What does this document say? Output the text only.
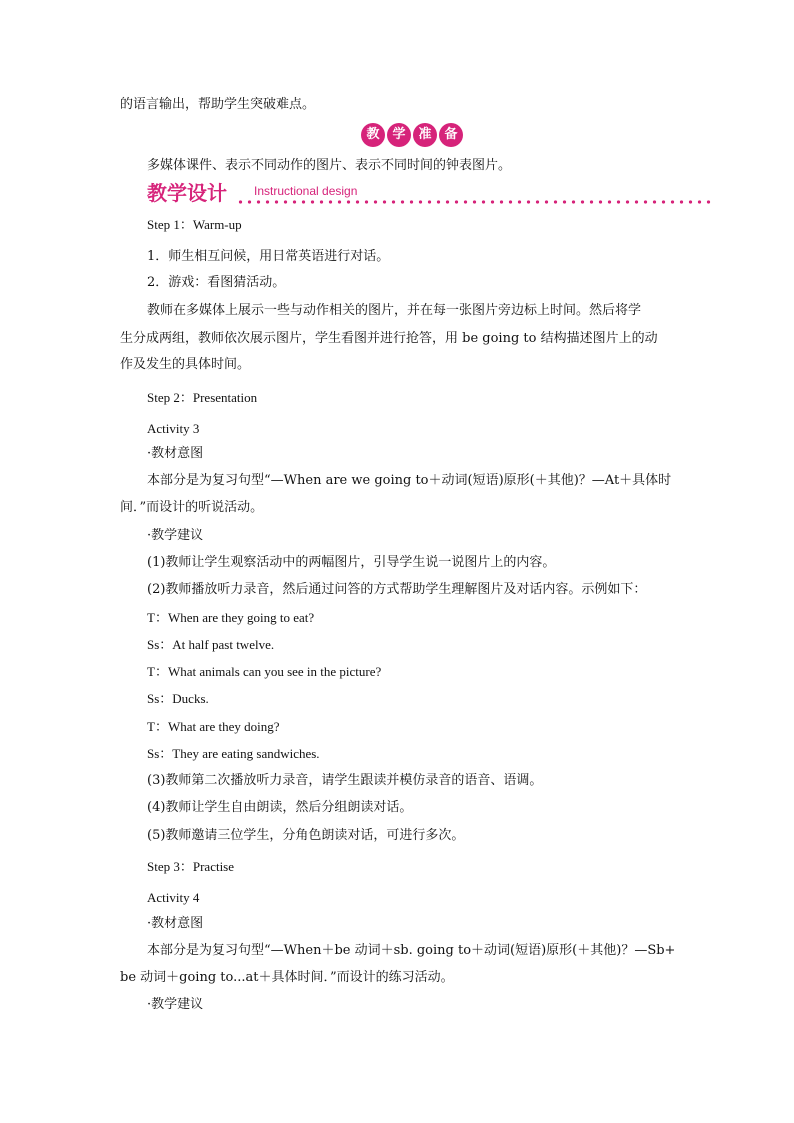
的语言输出，帮助学生突破难点。
教 学 准 备
多媒体课件、表示不同动作的图片、表示不同时间的钟表图片。
教学设计 Instructional design
Step 1：Warm-up
1．师生相互问候，用日常英语进行对话。
2．游戏：看图猜活动。
教师在多媒体上展示一些与动作相关的图片，并在每一张图片旁边标上时间。然后将学
生分成两组，教师依次展示图片，学生看图并进行抢答，用 be going to 结构描述图片上的动
作及发生的具体时间。
Step 2：Presentation
Activity 3
·教材意图
本部分是为复习句型“—When are we going to＋动词(短语)原形(＋其他)？—At＋具体时
间．”而设计的听说活动。
·教学建议
(1)教师让学生观察活动中的两幅图片，引导学生说一说图片上的内容。
(2)教师播放听力录音，然后通过问答的方式帮助学生理解图片及对话内容。示例如下：
T：When are they going to eat?
Ss：At half past twelve.
T：What animals can you see in the picture?
Ss：Ducks.
T：What are they doing?
Ss：They are eating sandwiches.
(3)教师第二次播放听力录音，请学生跟读并模仿录音的语音、语调。
(4)教师让学生自由朗读，然后分组朗读对话。
(5)教师邀请三位学生，分角色朗读对话，可进行多次。
Step 3：Practise
Activity 4
·教材意图
本部分是为复习句型“—When＋be 动词＋sb. going to＋动词(短语)原形(＋其他)？—Sb+
be 动词＋going to...at＋具体时间．”而设计的练习活动。
·教学建议
